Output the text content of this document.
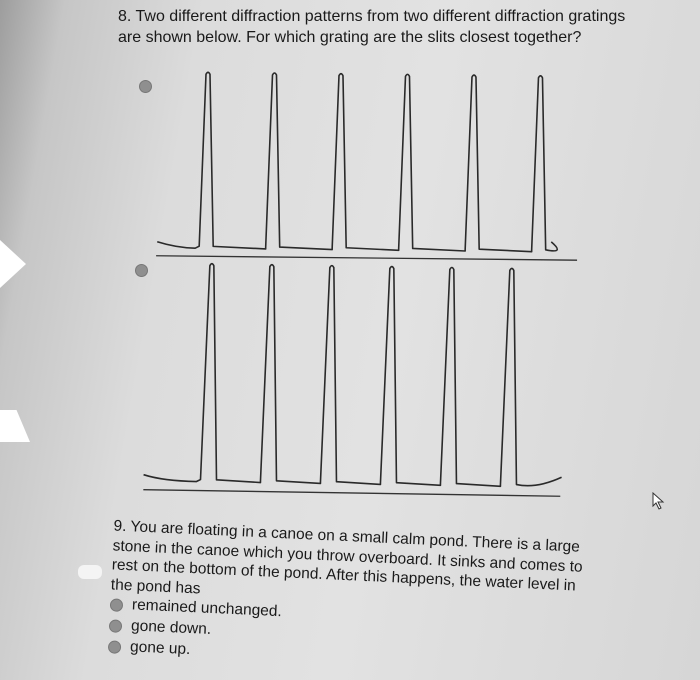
8. Two different diffraction patterns from two different diffraction gratings are shown below. For which grating are the slits closest together?
9. You are floating in a canoe on a small calm pond. There is a large stone in the canoe which you throw overboard. It sinks and comes to rest on the bottom of the pond. After this happens, the water level in the pond has
remained unchanged.
gone down.
gone up.
